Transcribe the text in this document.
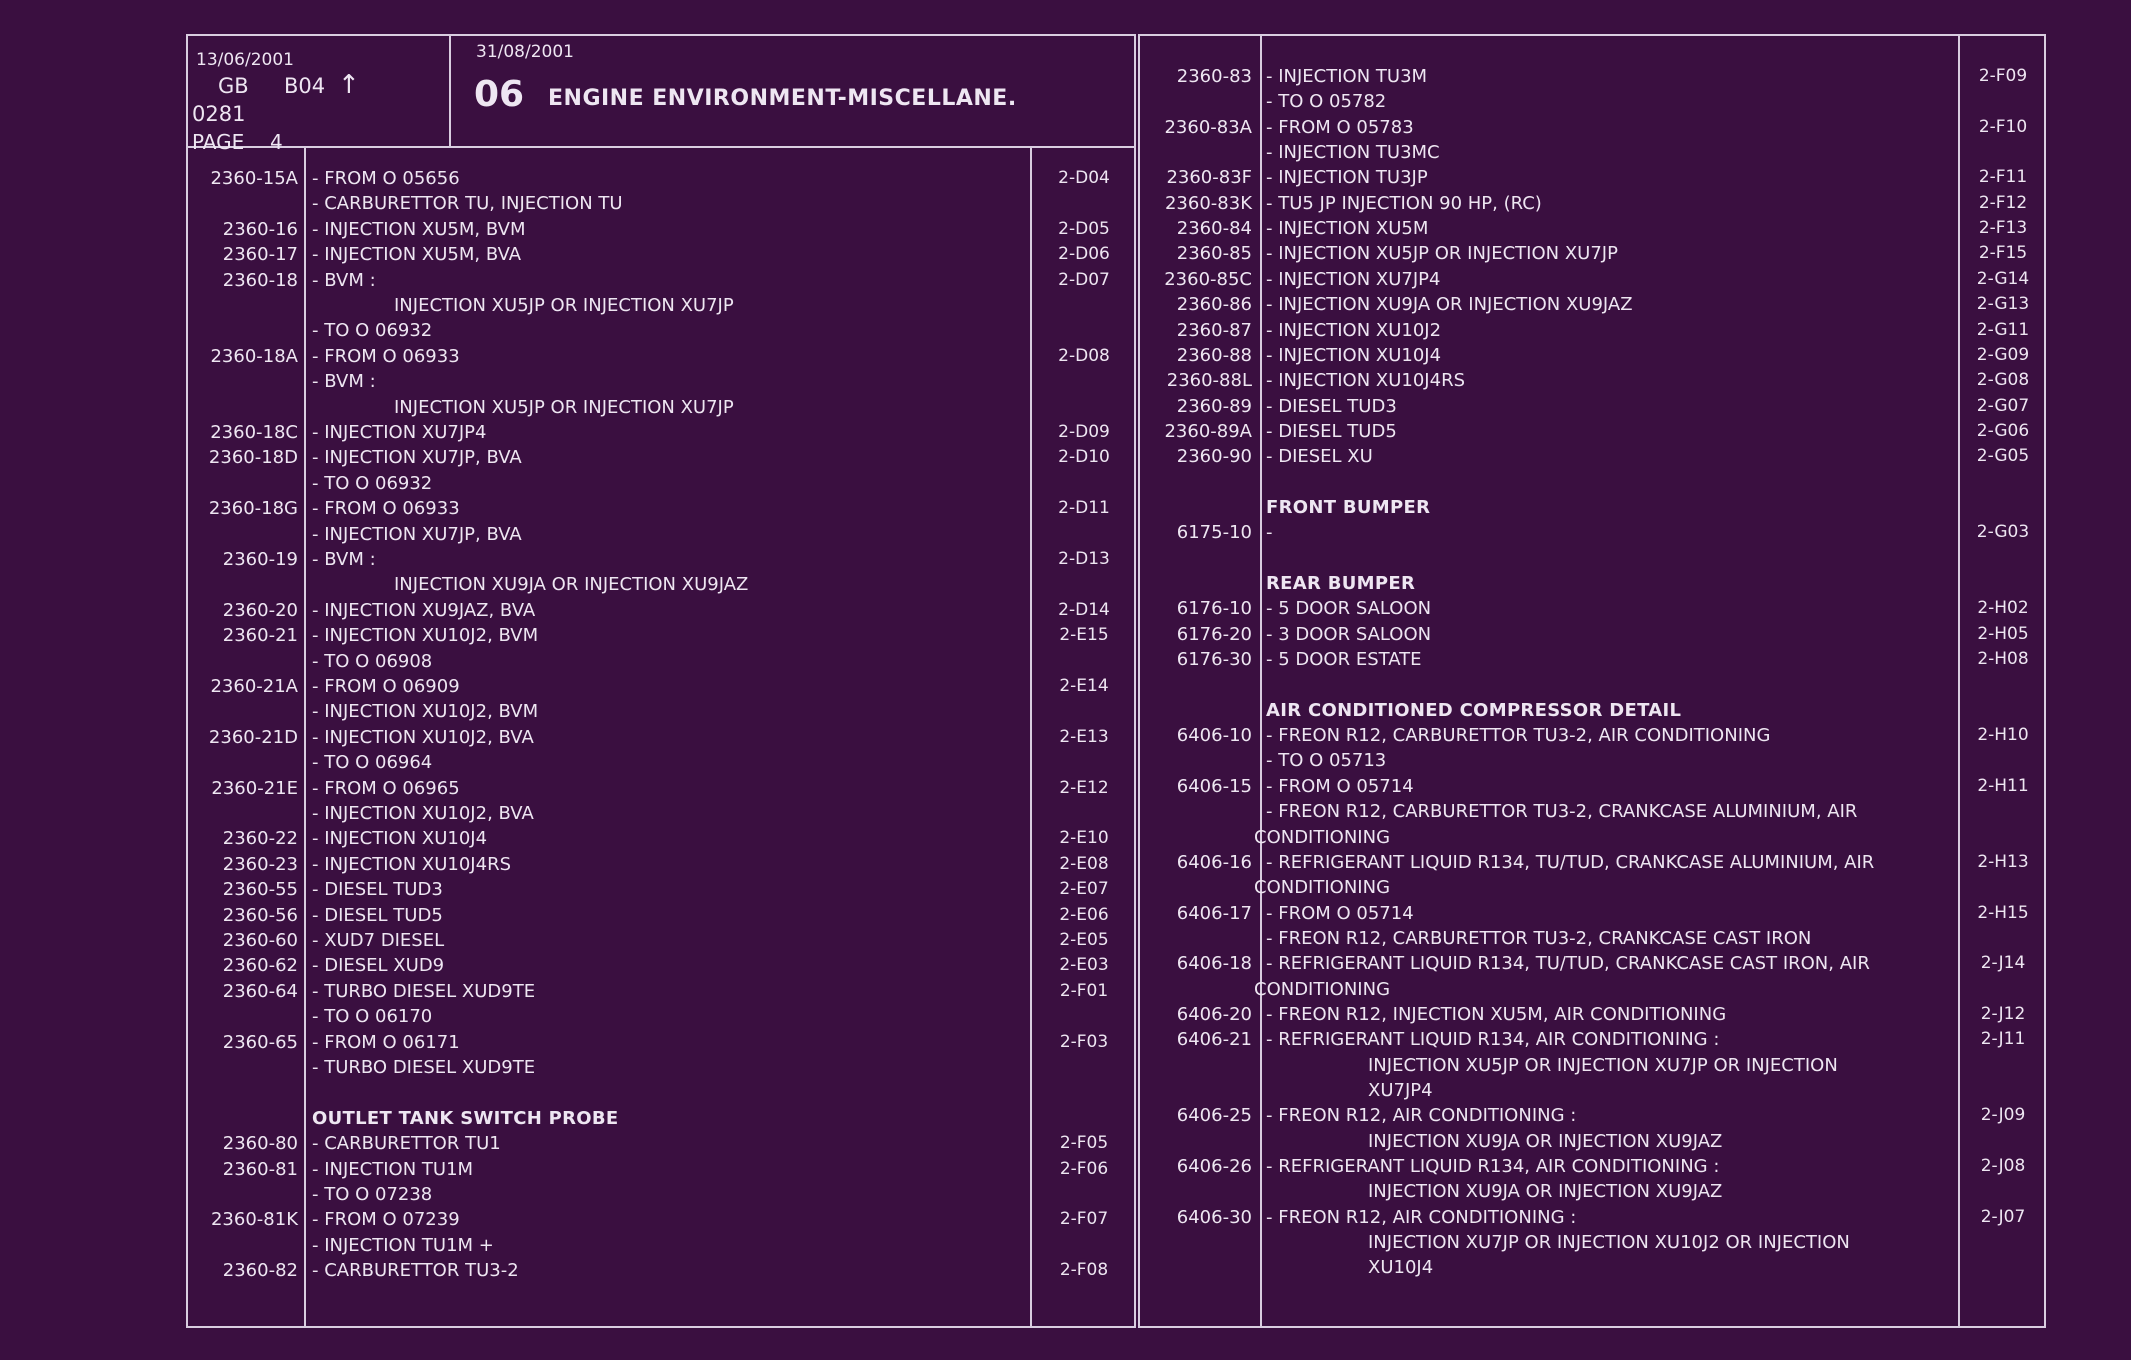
13/06/2001
GB B04 ↑
0281
PAGE 4
31/08/2001
06 ENGINE ENVIRONMENT-MISCELLANE.
2360-15A - FROM O 05656	2-D04
- CARBURETTOR TU, INJECTION TU
2360-16 - INJECTION XU5M, BVM	2-D05
2360-17 - INJECTION XU5M, BVA	2-D06
2360-18 - BVM :	2-D07
INJECTION XU5JP OR INJECTION XU7JP
- TO O 06932
2360-18A - FROM O 06933	2-D08
- BVM :
INJECTION XU5JP OR INJECTION XU7JP
2360-18C - INJECTION XU7JP4	2-D09
2360-18D - INJECTION XU7JP, BVA	2-D10
- TO O 06932
2360-18G - FROM O 06933	2-D11
- INJECTION XU7JP, BVA
2360-19 - BVM :	2-D13
INJECTION XU9JA OR INJECTION XU9JAZ
2360-20 - INJECTION XU9JAZ, BVA	2-D14
2360-21 - INJECTION XU10J2, BVM	2-E15
- TO O 06908
2360-21A - FROM O 06909	2-E14
- INJECTION XU10J2, BVM
2360-21D - INJECTION XU10J2, BVA	2-E13
- TO O 06964
2360-21E - FROM O 06965	2-E12
- INJECTION XU10J2, BVA
2360-22 - INJECTION XU10J4	2-E10
2360-23 - INJECTION XU10J4RS	2-E08
2360-55 - DIESEL TUD3	2-E07
2360-56 - DIESEL TUD5	2-E06
2360-60 - XUD7 DIESEL	2-E05
2360-62 - DIESEL XUD9	2-E03
2360-64 - TURBO DIESEL XUD9TE	2-F01
- TO O 06170
2360-65 - FROM O 06171	2-F03
- TURBO DIESEL XUD9TE
OUTLET TANK SWITCH PROBE
2360-80 - CARBURETTOR TU1	2-F05
2360-81 - INJECTION TU1M	2-F06
- TO O 07238
2360-81K - FROM O 07239	2-F07
- INJECTION TU1M +
2360-82 - CARBURETTOR TU3-2	2-F08
2360-83 - INJECTION TU3M	2-F09
- TO O 05782
2360-83A - FROM O 05783	2-F10
- INJECTION TU3MC
2360-83F - INJECTION TU3JP	2-F11
2360-83K - TU5 JP INJECTION 90 HP, (RC)	2-F12
2360-84 - INJECTION XU5M	2-F13
2360-85 - INJECTION XU5JP OR INJECTION XU7JP	2-F15
2360-85C - INJECTION XU7JP4	2-G14
2360-86 - INJECTION XU9JA OR INJECTION XU9JAZ	2-G13
2360-87 - INJECTION XU10J2	2-G11
2360-88 - INJECTION XU10J4	2-G09
2360-88L - INJECTION XU10J4RS	2-G08
2360-89 - DIESEL TUD3	2-G07
2360-89A - DIESEL TUD5	2-G06
2360-90 - DIESEL XU	2-G05
FRONT BUMPER
6175-10 -	2-G03
REAR BUMPER
6176-10 - 5 DOOR SALOON	2-H02
6176-20 - 3 DOOR SALOON	2-H05
6176-30 - 5 DOOR ESTATE	2-H08
AIR CONDITIONED COMPRESSOR DETAIL
6406-10 - FREON R12, CARBURETTOR TU3-2, AIR CONDITIONING	2-H10
- TO O 05713
6406-15 - FROM O 05714	2-H11
- FREON R12, CARBURETTOR TU3-2, CRANKCASE ALUMINIUM, AIR
CONDITIONING
6406-16 - REFRIGERANT LIQUID R134, TU/TUD, CRANKCASE ALUMINIUM, AIR	2-H13
CONDITIONING
6406-17 - FROM O 05714	2-H15
- FREON R12, CARBURETTOR TU3-2, CRANKCASE CAST IRON
6406-18 - REFRIGERANT LIQUID R134, TU/TUD, CRANKCASE CAST IRON, AIR	2-J14
CONDITIONING
6406-20 - FREON R12, INJECTION XU5M, AIR CONDITIONING	2-J12
6406-21 - REFRIGERANT LIQUID R134, AIR CONDITIONING :	2-J11
INJECTION XU5JP OR INJECTION XU7JP OR INJECTION
XU7JP4
6406-25 - FREON R12, AIR CONDITIONING :	2-J09
INJECTION XU9JA OR INJECTION XU9JAZ
6406-26 - REFRIGERANT LIQUID R134, AIR CONDITIONING :	2-J08
INJECTION XU9JA OR INJECTION XU9JAZ
6406-30 - FREON R12, AIR CONDITIONING :	2-J07
INJECTION XU7JP OR INJECTION XU10J2 OR INJECTION
XU10J4
